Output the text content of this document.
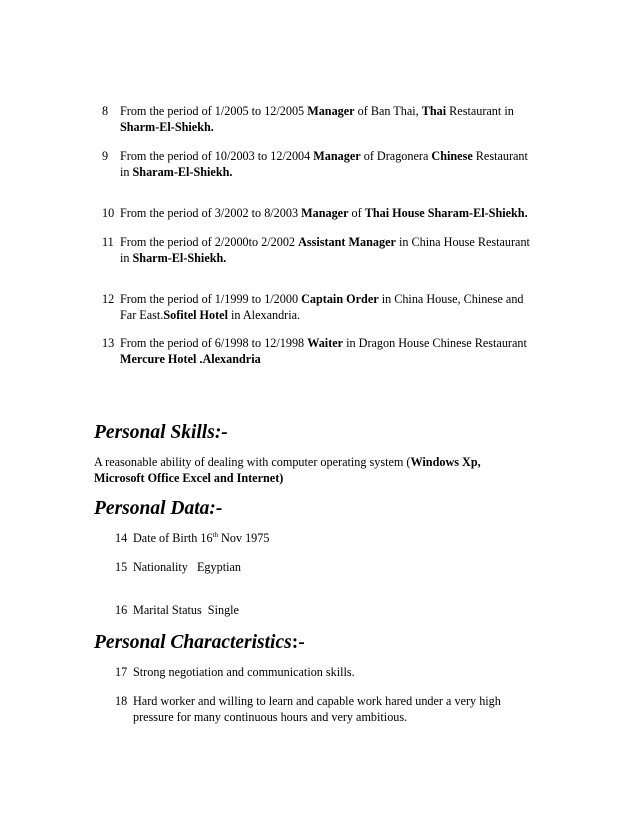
8 From the period of 1/2005 to 12/2005 Manager of Ban Thai, Thai Restaurant in
Sharm-El-Shiekh.
9 From the period of 10/2003 to 12/2004 Manager of Dragonera Chinese Restaurant
in Sharam-El-Shiekh.
10 From the period of 3/2002 to 8/2003 Manager of Thai House Sharam-El-Shiekh.
11 From the period of 2/2000to 2/2002 Assistant Manager in China House Restaurant
in Sharm-El-Shiekh.
12 From the period of 1/1999 to 1/2000 Captain Order in China House, Chinese and
Far East.Sofitel Hotel in Alexandria.
13 From the period of 6/1998 to 12/1998 Waiter in Dragon House Chinese Restaurant
Mercure Hotel .Alexandria
Personal Skills:-
A reasonable ability of dealing with computer operating system (Windows Xp,
Microsoft Office Excel and Internet)
Personal Data:-
14 Date of Birth 16th Nov 1975
15 Nationality   Egyptian
16 Marital Status  Single
Personal Characteristics:-
17 Strong negotiation and communication skills.
18 Hard worker and willing to learn and capable work hared under a very high
pressure for many continuous hours and very ambitious.
